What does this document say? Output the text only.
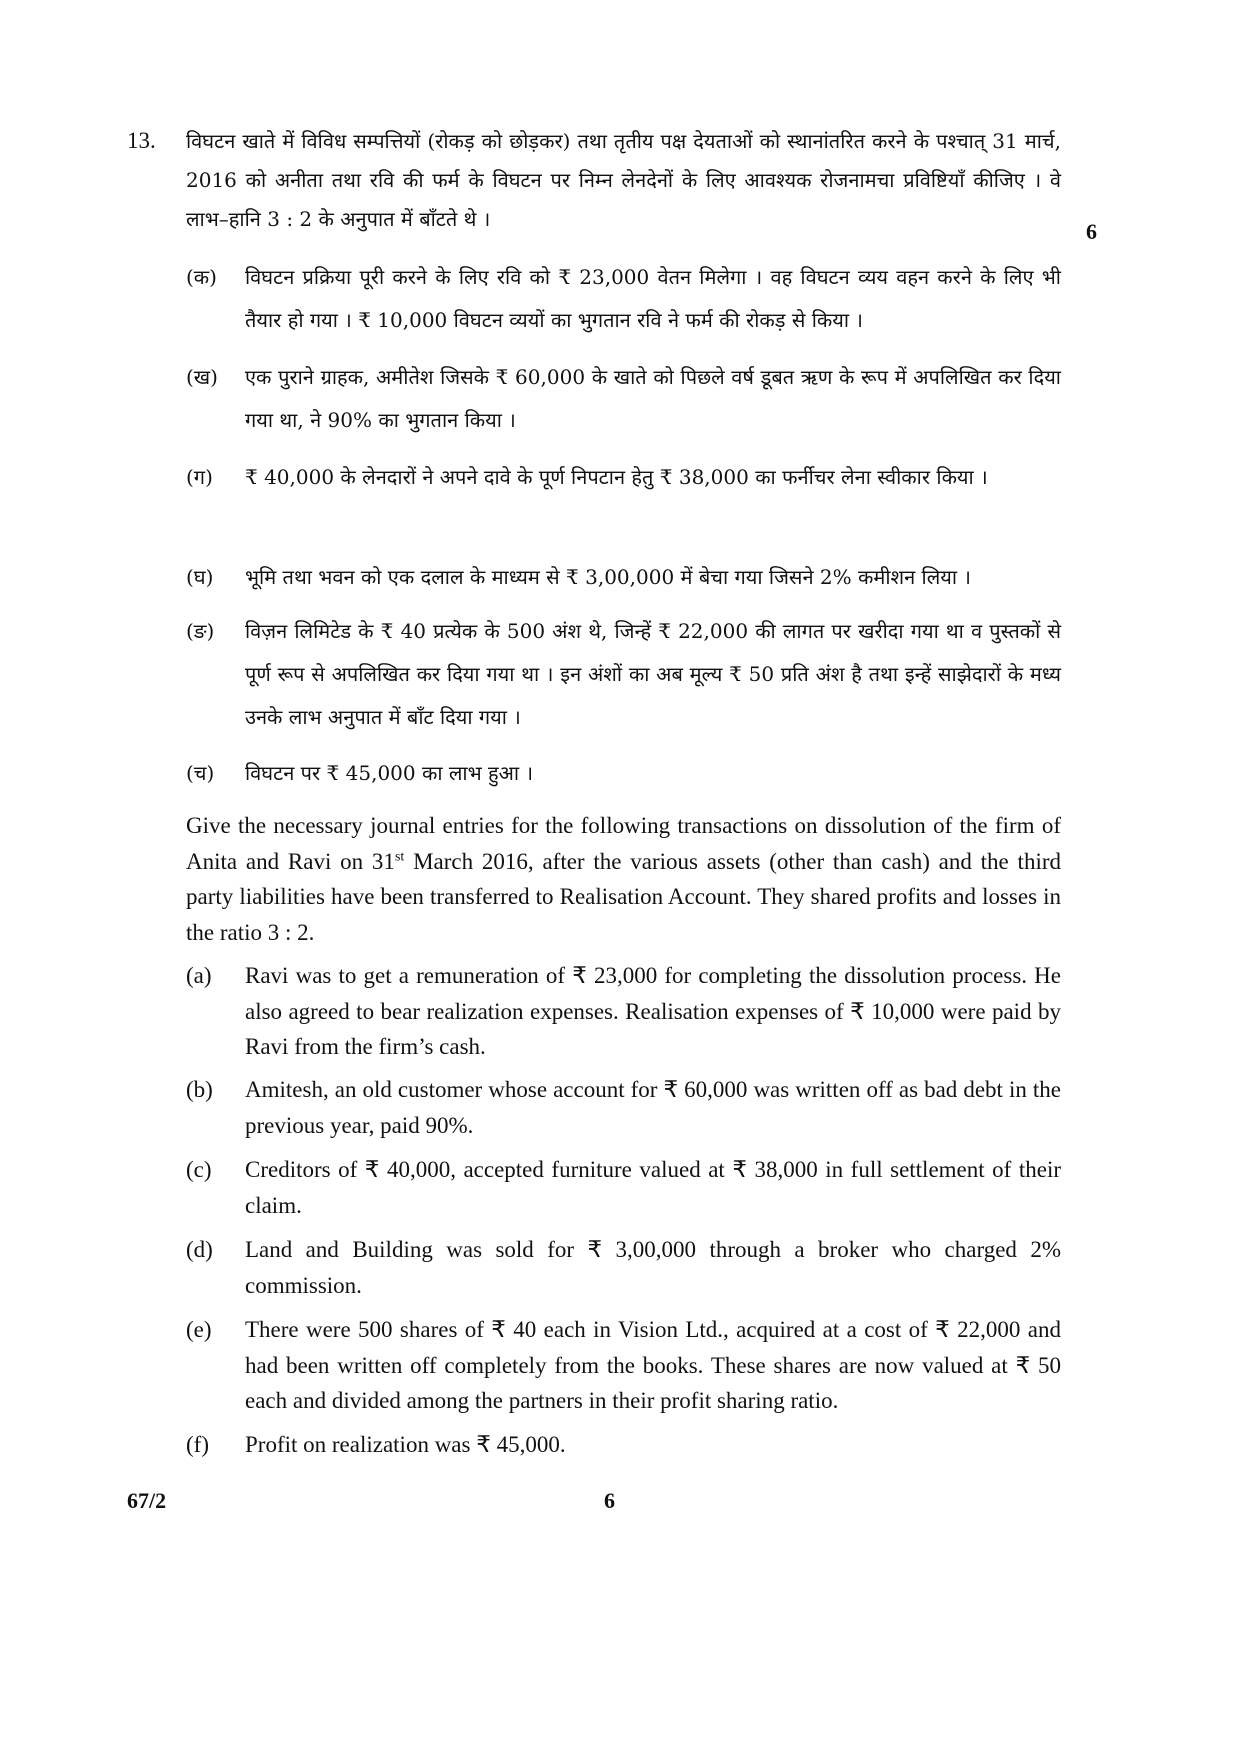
13. विघटन खाते में विविध सम्पत्तियों (रोकड़ को छोड़कर) तथा तृतीय पक्ष देयताओं को स्थानांतरित करने के पश्चात् 31 मार्च, 2016 को अनीता तथा रवि की फर्म के विघटन पर निम्न लेनदेनों के लिए आवश्यक रोजनामचा प्रविष्टियाँ कीजिए । वे लाभ–हानि 3 : 2 के अनुपात में बाँटते थे ।	6
(क)	विघटन प्रक्रिया पूरी करने के लिए रवि को ₹ 23,000 वेतन मिलेगा । वह विघटन व्यय वहन करने के लिए भी तैयार हो गया । ₹ 10,000 विघटन व्ययों का भुगतान रवि ने फर्म की रोकड़ से किया ।
(ख)	एक पुराने ग्राहक, अमीतेश जिसके ₹ 60,000 के खाते को पिछले वर्ष डूबत ऋण के रूप में अपलिखित कर दिया गया था, ने 90% का भुगतान किया ।
(ग)	₹ 40,000 के लेनदारों ने अपने दावे के पूर्ण निपटान हेतु ₹ 38,000 का फर्नीचर लेना स्वीकार किया ।
(घ)	भूमि तथा भवन को एक दलाल के माध्यम से ₹ 3,00,000 में बेचा गया जिसने 2% कमीशन लिया ।
(ङ)	विज़न लिमिटेड के ₹ 40 प्रत्येक के 500 अंश थे, जिन्हें ₹ 22,000 की लागत पर खरीदा गया था व पुस्तकों से पूर्ण रूप से अपलिखित कर दिया गया था । इन अंशों का अब मूल्य ₹ 50 प्रति अंश है तथा इन्हें साझेदारों के मध्य उनके लाभ अनुपात में बाँट दिया गया ।
(च)	विघटन पर ₹ 45,000 का लाभ हुआ ।
Give the necessary journal entries for the following transactions on dissolution of the firm of Anita and Ravi on 31st March 2016, after the various assets (other than cash) and the third party liabilities have been transferred to Realisation Account. They shared profits and losses in the ratio 3 : 2.
(a)	Ravi was to get a remuneration of ₹ 23,000 for completing the dissolution process. He also agreed to bear realization expenses. Realisation expenses of ₹ 10,000 were paid by Ravi from the firm’s cash.
(b)	Amitesh, an old customer whose account for ₹ 60,000 was written off as bad debt in the previous year, paid 90%.
(c)	Creditors of ₹ 40,000, accepted furniture valued at ₹ 38,000 in full settlement of their claim.
(d)	Land and Building was sold for ₹ 3,00,000 through a broker who charged 2% commission.
(e)	There were 500 shares of ₹ 40 each in Vision Ltd., acquired at a cost of ₹ 22,000 and had been written off completely from the books. These shares are now valued at ₹ 50 each and divided among the partners in their profit sharing ratio.
(f)	Profit on realization was ₹ 45,000.
67/2	6
